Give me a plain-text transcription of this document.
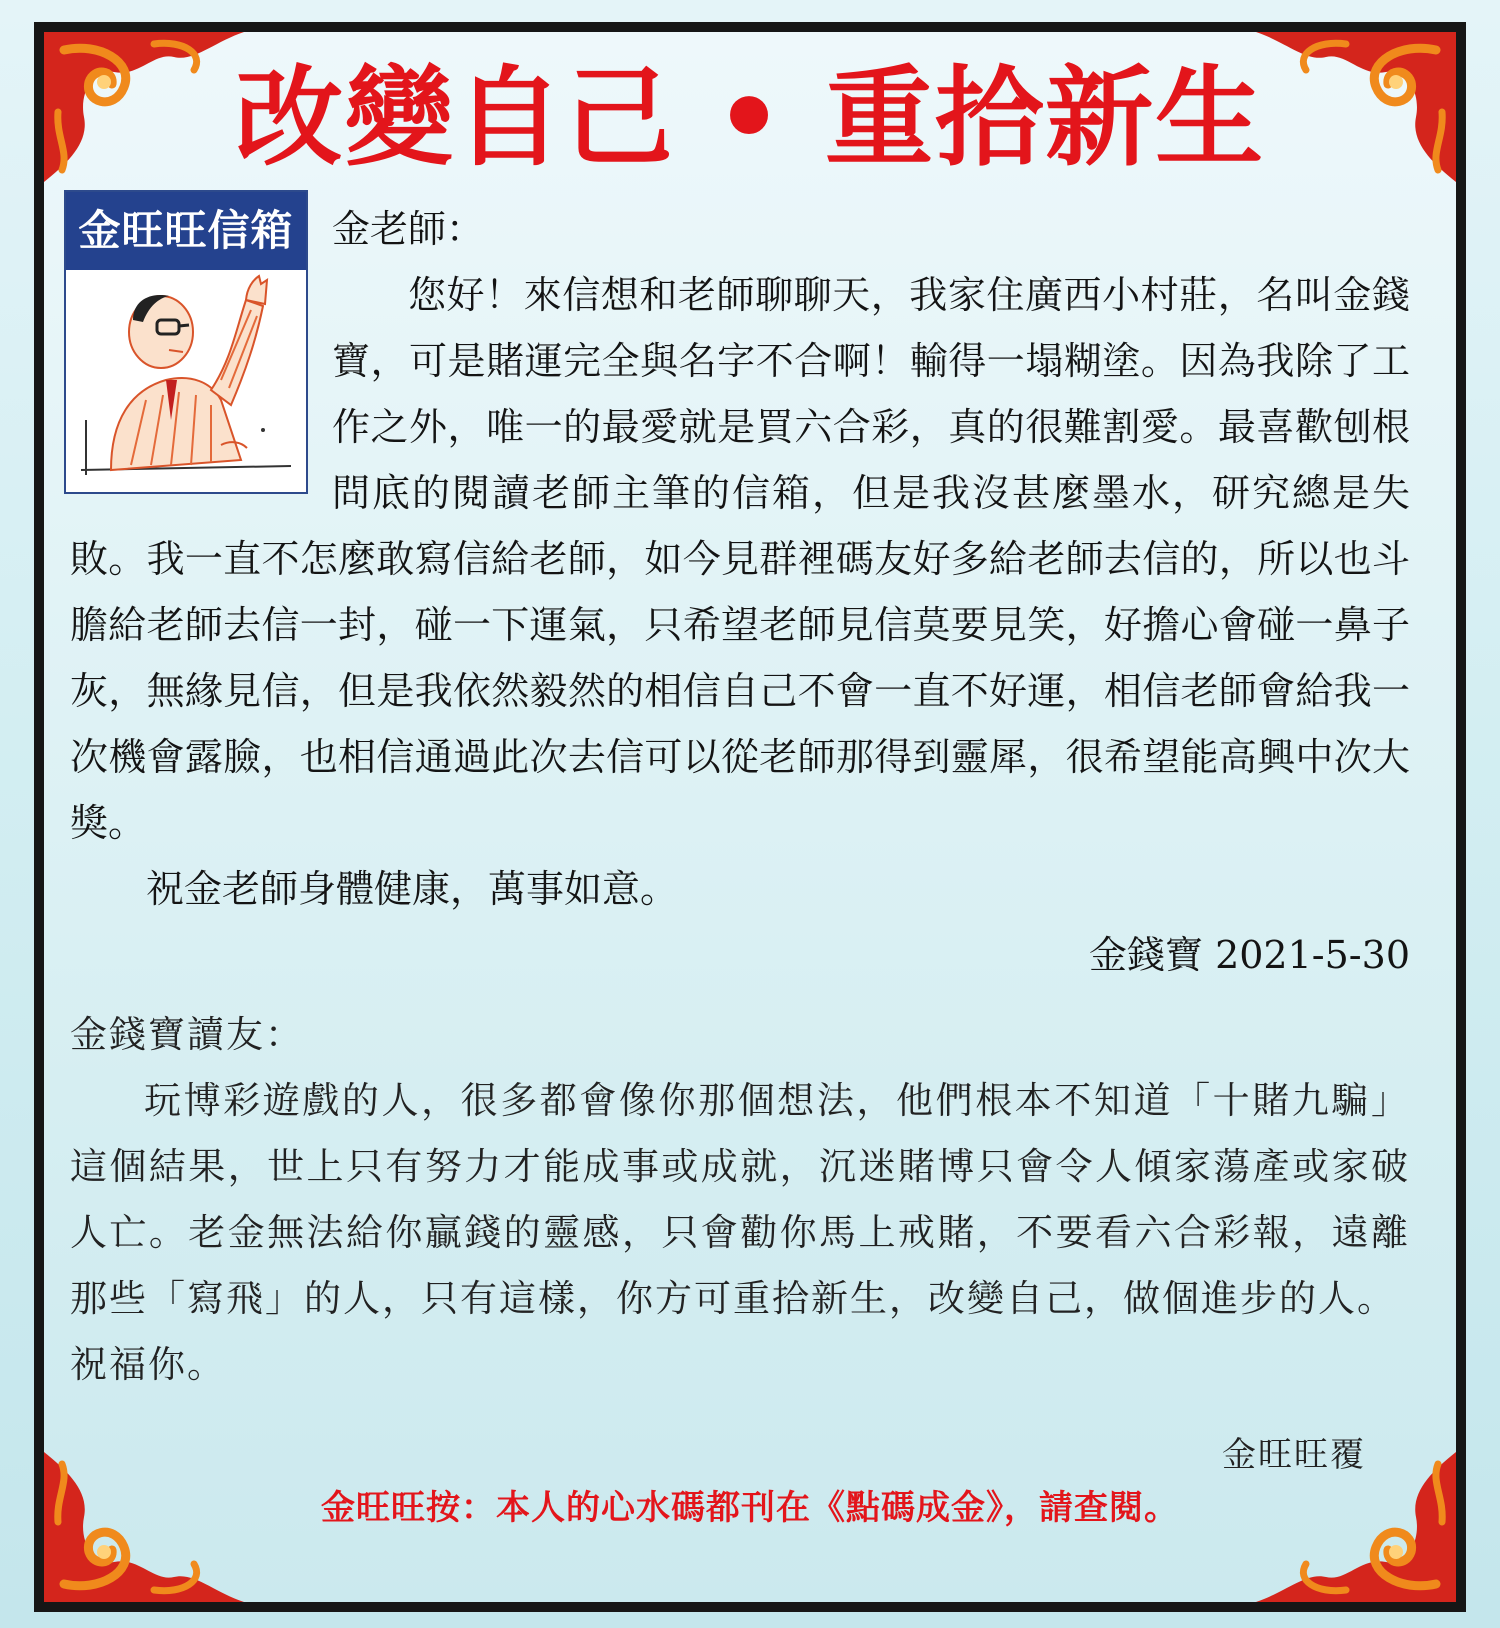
改變自己 • 重拾新生
金旺旺信箱	金老師：

您好！來信想和老師聊聊天，我家住廣西小村莊，名叫金錢寶，可是賭運完全與名字不合啊！輸得一塌糊塗。因為我除了工作之外，唯一的最愛就是買六合彩，真的很難割愛。最喜歡刨根問底的閱讀老師主筆的信箱，但是我沒甚麼墨水，研究總是失敗。我一直不怎麼敢寫信給老師，如今見群裡碼友好多給老師去信的，所以也斗膽給老師去信一封，碰一下運氣，只希望老師見信莫要見笑，好擔心會碰一鼻子灰，無緣見信，但是我依然毅然的相信自己不會一直不好運，相信老師會給我一次機會露臉，也相信通過此次去信可以從老師那得到靈犀，很希望能高興中次大獎。

祝金老師身體健康，萬事如意。

金錢寶 2021-5-30

金錢寶讀友：

玩博彩遊戲的人，很多都會像你那個想法，他們根本不知道「十賭九騙」這個結果，世上只有努力才能成事或成就，沉迷賭博只會令人傾家蕩產或家破人亡。老金無法給你贏錢的靈感，只會勸你馬上戒賭，不要看六合彩報，遠離那些「寫飛」的人，只有這樣，你方可重拾新生，改變自己，做個進步的人。

祝福你。

金旺旺覆
金旺旺按：本人的心水碼都刊在《點碼成金》，請查閱。
